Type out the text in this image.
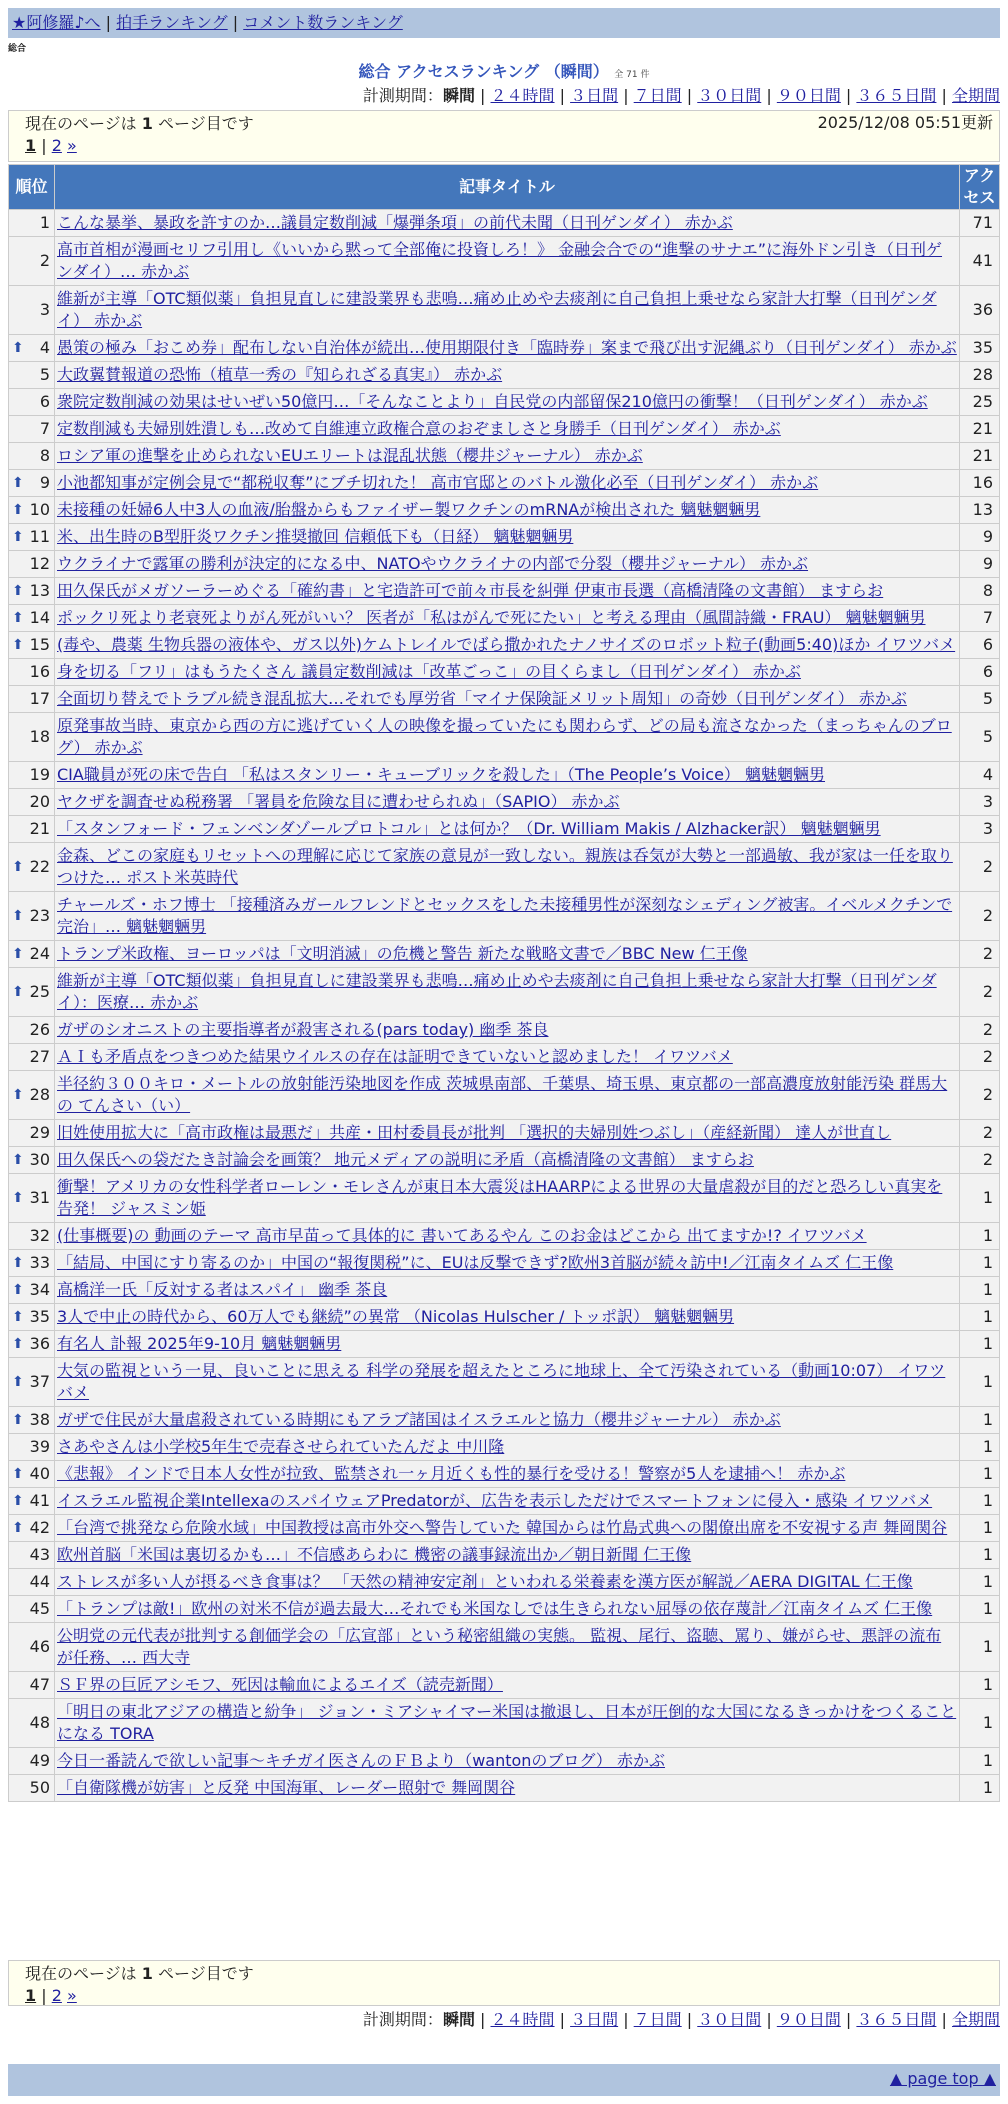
★阿修羅♪へ | 拍手ランキング | コメント数ランキング
総合
総合 アクセスランキング （瞬間） 全 71 件
計測期間：瞬間 | ２４時間 | ３日間 | ７日間 | ３０日間 | ９０日間 | ３６５日間 | 全期間
現在のページは 1 ページ目です	2025/12/08 05:51更新
1 | 2 »
順位	記事タイトル	アクセス
1	こんな暴挙、暴政を許すのか…議員定数削減「爆弾条項」の前代未聞（日刊ゲンダイ） 赤かぶ	71
2	高市首相が漫画セリフ引用し《いいから黙って全部俺に投資しろ！》 金融会合での“進撃のサナエ”に海外ドン引き（日刊ゲンダイ）… 赤かぶ	41
3	維新が主導「OTC類似薬」負担見直しに建設業界も悲鳴…痛め止めや去痰剤に自己負担上乗せなら家計大打撃（日刊ゲンダイ） 赤かぶ	36

⬆ 4	愚策の極み「おこめ券」配布しない自治体が続出…使用期限付き「臨時券」案まで飛び出す泥縄ぶり（日刊ゲンダイ） 赤かぶ	35
5	大政翼賛報道の恐怖（植草一秀の『知られざる真実』） 赤かぶ	28
6	衆院定数削減の効果はせいぜい50億円…「そんなことより」自民党の内部留保210億円の衝撃！（日刊ゲンダイ） 赤かぶ	25
7	定数削減も夫婦別姓潰しも…改めて自維連立政権合意のおぞましさと身勝手（日刊ゲンダイ） 赤かぶ	21
8	ロシア軍の進撃を止められないEUエリートは混乱状態（櫻井ジャーナル） 赤かぶ	21

⬆ 9	小池都知事が定例会見で“都税収奪”にブチ切れた！ 高市官邸とのバトル激化必至（日刊ゲンダイ） 赤かぶ	16

⬆ 10	未接種の妊婦6人中3人の血液/胎盤からもファイザー製ワクチンのmRNAが検出された 魑魅魍魎男	13

⬆ 11	米、出生時のB型肝炎ワクチン推奨撤回 信頼低下も（日経） 魑魅魍魎男	9
12	ウクライナで露軍の勝利が決定的になる中、NATOやウクライナの内部で分裂（櫻井ジャーナル） 赤かぶ	9

⬆ 13	田久保氏がメガソーラーめぐる「確約書」と宅造許可で前々市長を糾弾 伊東市長選（高橋清隆の文書館） ますらお	8

⬆ 14	ポックリ死より老衰死よりがん死がいい？ 医者が「私はがんで死にたい」と考える理由（風間詩織・FRAU） 魑魅魍魎男	7

⬆ 15	(毒や、農薬 生物兵器の液体や、ガス以外)ケムトレイルでばら撒かれたナノサイズのロボット粒子(動画5:40)ほか イワツバメ	6
16	身を切る「フリ」はもうたくさん 議員定数削減は「改革ごっこ」の目くらまし（日刊ゲンダイ） 赤かぶ	6
17	全面切り替えでトラブル続き混乱拡大…それでも厚労省「マイナ保険証メリット周知」の奇妙（日刊ゲンダイ） 赤かぶ	5
18	原発事故当時、東京から西の方に逃げていく人の映像を撮っていたにも関わらず、どの局も流さなかった（まっちゃんのブログ） 赤かぶ	5
19	CIA職員が死の床で告白 「私はスタンリー・キューブリックを殺した」（The People’s Voice） 魑魅魍魎男	4
20	ヤクザを調査せぬ税務署 「署員を危険な目に遭わせられぬ」（SAPIO） 赤かぶ	3
21	「スタンフォード・フェンベンダゾールプロトコル」とは何か？（Dr. William Makis / Alzhacker訳） 魑魅魍魎男	3

⬆ 22	金森、どこの家庭もリセットへの理解に応じて家族の意見が一致しない。親族は呑気が大勢と一部過敏、我が家は一任を取りつけた… ポスト米英時代	2

⬆ 23	チャールズ・ホフ博士 「接種済みガールフレンドとセックスをした未接種男性が深刻なシェディング被害。イベルメクチンで完治」… 魑魅魍魎男	2

⬆ 24	トランプ米政権、ヨーロッパは「文明消滅」の危機と警告 新たな戦略文書で／BBC New 仁王像	2

⬆ 25	維新が主導「OTC類似薬」負担見直しに建設業界も悲鳴…痛め止めや去痰剤に自己負担上乗せなら家計大打撃（日刊ゲンダイ）：医療… 赤かぶ	2
26	ガザのシオニストの主要指導者が殺害される(pars today) 幽季 茶良	2
27	ＡＩも矛盾点をつきつめた結果ウイルスの存在は証明できていないと認めました！ イワツバメ	2

⬆ 28	半径約３００キロ・メートルの放射能汚染地図を作成 茨城県南部、千葉県、埼玉県、東京都の一部高濃度放射能汚染 群馬大の てんさい（い）	2
29	旧姓使用拡大に「高市政権は最悪だ」共産・田村委員長が批判 「選択的夫婦別姓つぶし」（産経新聞） 達人が世直し	2

⬆ 30	田久保氏への袋だたき討論会を画策？ 地元メディアの説明に矛盾（高橋清隆の文書館） ますらお	2

⬆ 31	衝撃！アメリカの女性科学者ローレン・モレさんが東日本大震災はHAARPによる世界の大量虐殺が目的だと恐ろしい真実を告発！ ジャスミン姫	1
32	(仕事概要)の 動画のテーマ 高市早苗って具体的に 書いてあるやん このお金はどこから 出てますか!? イワツバメ	1

⬆ 33	「結局、中国にすり寄るのか」中国の“報復関税”に、EUは反撃できず?欧州3首脳が続々訪中!／江南タイムズ 仁王像	1

⬆ 34	高橋洋一氏「反対する者はスパイ」 幽季 茶良	1

⬆ 35	3人で中止の時代から、60万人でも継続”の異常 （Nicolas Hulscher / トッポ訳） 魑魅魍魎男	1

⬆ 36	有名人 訃報 2025年9-10月 魑魅魍魎男	1

⬆ 37	大気の監視という一見、良いことに思える 科学の発展を超えたところに地球上、全て汚染されている（動画10:07） イワツバメ	1

⬆ 38	ガザで住民が大量虐殺されている時期にもアラブ諸国はイスラエルと協力（櫻井ジャーナル） 赤かぶ	1
39	さあやさんは小学校5年生で売春させられていたんだよ 中川隆	1

⬆ 40	《悲報》 インドで日本人女性が拉致、監禁され一ヶ月近くも性的暴行を受ける！警察が5人を逮捕へ！ 赤かぶ	1

⬆ 41	イスラエル監視企業IntellexaのスパイウェアPredatorが、広告を表示しただけでスマートフォンに侵入・感染 イワツバメ	1

⬆ 42	「台湾で挑発なら危険水域」中国教授は高市外交へ警告していた 韓国からは竹島式典への閣僚出席を不安視する声 舞岡関谷	1
43	欧州首脳「米国は裏切るかも…」不信感あらわに 機密の議事録流出か／朝日新聞 仁王像	1
44	ストレスが多い人が摂るべき食事は？ 「天然の精神安定剤」といわれる栄養素を漢方医が解説／AERA DIGITAL 仁王像	1
45	「トランプは敵!」欧州の対米不信が過去最大…それでも米国なしでは生きられない屈辱の依存蔑計／江南タイムズ 仁王像	1
46	公明党の元代表が批判する創価学会の「広宣部」という秘密組織の実態。 監視、尾行、盗聴、罵り、嫌がらせ、悪評の流布が任務、… 西大寺	1
47	ＳＦ界の巨匠アシモフ、死因は輸血によるエイズ（読売新聞）	1
48	「明日の東北アジアの構造と紛争」 ジョン・ミアシャイマー米国は撤退し、日本が圧倒的な大国になるきっかけをつくることになる TORA	1
49	今日一番読んで欲しい記事〜キチガイ医さんのＦＢより（wantonのブログ） 赤かぶ	1
50	「自衛隊機が妨害」と反発 中国海軍、レーダー照射で 舞岡関谷	1
現在のページは 1 ページ目です
1 | 2 »
計測期間：瞬間 | ２４時間 | ３日間 | ７日間 | ３０日間 | ９０日間 | ３６５日間 | 全期間
▲ page top ▲
